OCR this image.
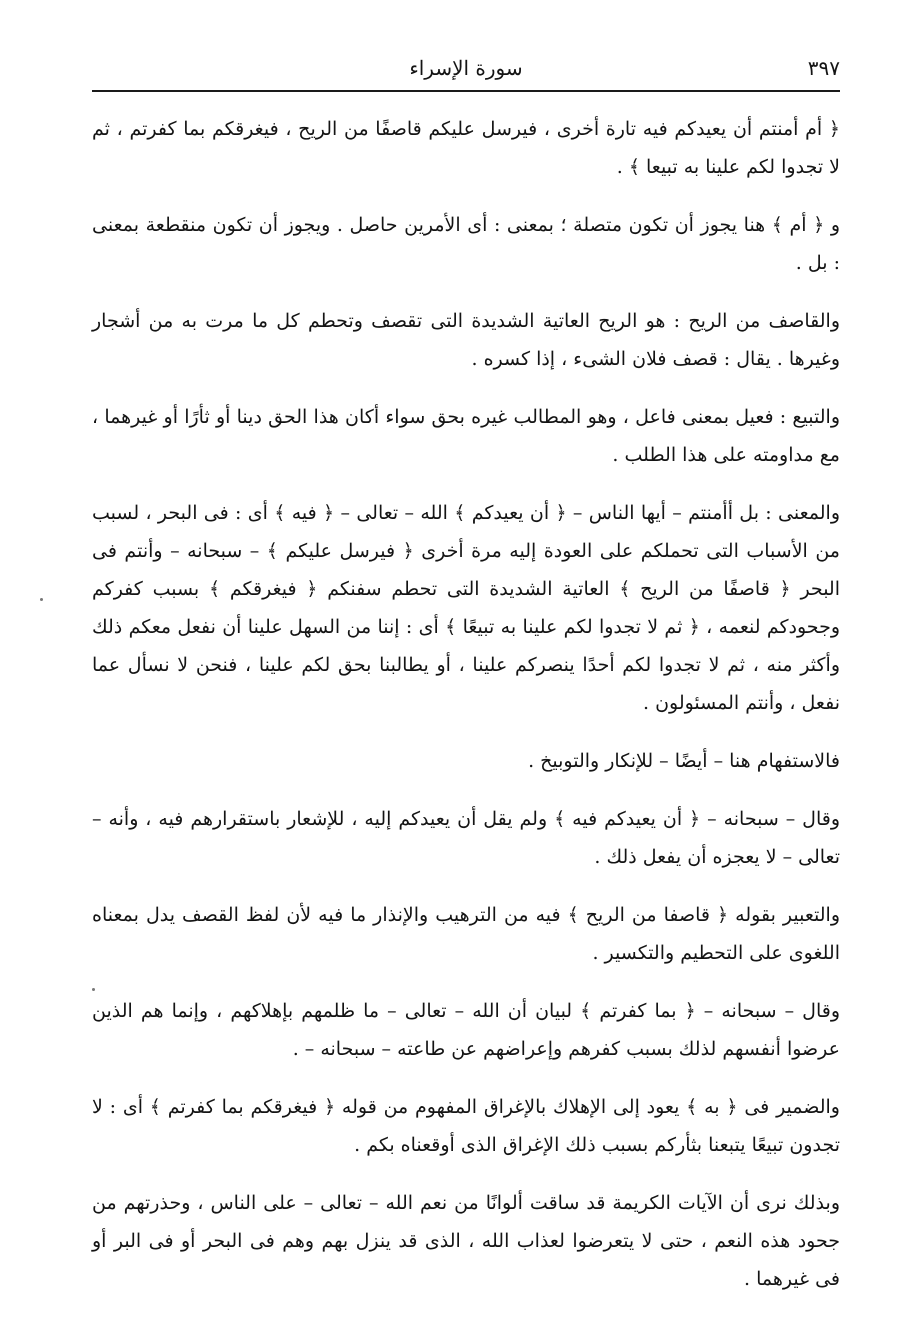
٣٩٧
سورة الإسراء

﴿ أم أمنتم أن يعيدكم فيه تارة أخرى ، فيرسل عليكم قاصفًا من الريح ، فيغرقكم بما كفرتم ، ثم لا تجدوا لكم علينا به تبيعا ﴾ .

و ﴿ أم ﴾ هنا يجوز أن تكون متصلة ؛ بمعنى : أى الأمرين حاصل . ويجوز أن تكون منقطعة بمعنى : بل .

والقاصف من الريح : هو الريح العاتية الشديدة التى تقصف وتحطم كل ما مرت به من أشجار وغيرها . يقال : قصف فلان الشىء ، إذا كسره .

والتبيع : فعيل بمعنى فاعل ، وهو المطالب غيره بحق سواء أكان هذا الحق دينا أو ثأرًا أو غيرهما ، مع مداومته على هذا الطلب .

والمعنى : بل أأمنتم – أيها الناس – ﴿ أن يعيدكم ﴾ الله – تعالى – ﴿ فيه ﴾ أى : فى البحر ، لسبب من الأسباب التى تحملكم على العودة إليه مرة أخرى ﴿ فيرسل عليكم ﴾ – سبحانه – وأنتم فى البحر ﴿ قاصفًا من الريح ﴾ العاتية الشديدة التى تحطم سفنكم ﴿ فيغرقكم ﴾ بسبب كفركم وجحودكم لنعمه ، ﴿ ثم لا تجدوا لكم علينا به تبيعًا ﴾ أى : إننا من السهل علينا أن نفعل معكم ذلك وأكثر منه ، ثم لا تجدوا لكم أحدًا ينصركم علينا ، أو يطالبنا بحق لكم علينا ، فنحن لا نسأل عما نفعل ، وأنتم المسئولون .

فالاستفهام هنا – أيضًا – للإنكار والتوبيخ .

وقال – سبحانه – ﴿ أن يعيدكم فيه ﴾ ولم يقل أن يعيدكم إليه ، للإشعار باستقرارهم فيه ، وأنه – تعالى – لا يعجزه أن يفعل ذلك .

والتعبير بقوله ﴿ قاصفا من الريح ﴾ فيه من الترهيب والإنذار ما فيه لأن لفظ القصف يدل بمعناه اللغوى على التحطيم والتكسير .

وقال – سبحانه – ﴿ بما كفرتم ﴾ لبيان أن الله – تعالى – ما ظلمهم بإهلاكهم ، وإنما هم الذين عرضوا أنفسهم لذلك بسبب كفرهم وإعراضهم عن طاعته – سبحانه – .

والضمير فى ﴿ به ﴾ يعود إلى الإهلاك بالإغراق المفهوم من قوله ﴿ فيغرقكم بما كفرتم ﴾ أى : لا تجدون تبيعًا يتبعنا بثأركم بسبب ذلك الإغراق الذى أوقعناه بكم .

وبذلك نرى أن الآيات الكريمة قد ساقت ألوانًا من نعم الله – تعالى – على الناس ، وحذرتهم من جحود هذه النعم ، حتى لا يتعرضوا لعذاب الله ، الذى قد ينزل بهم وهم فى البحر أو فى البر أو فى غيرهما .
